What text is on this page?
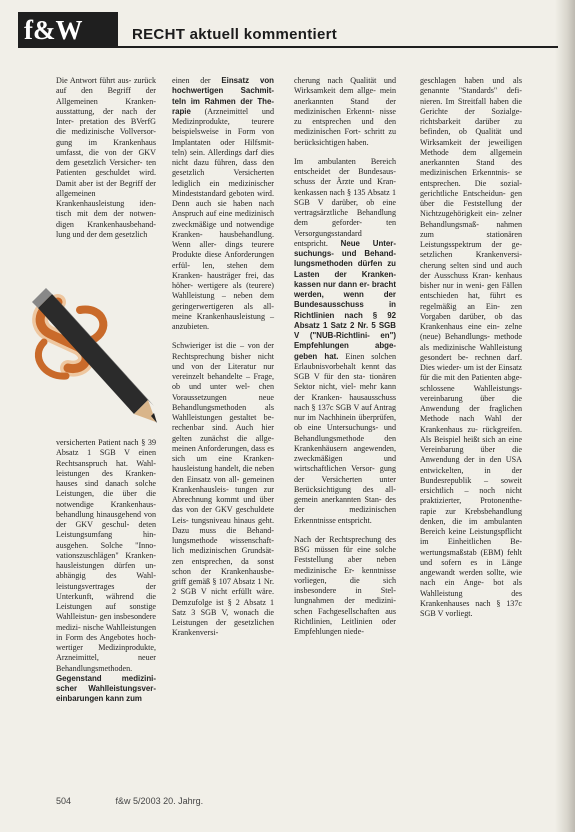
f&W	RECHT aktuell kommentiert

Die Antwort führt aus- zurück auf den Begriff der Allgemeinen Kranken- ausstattung, der nach der Inter- pretation des BVerfG die medizinische Vollversor- gung im Krankenhaus umfasst, die von der GKV dem gesetzlich Versicher- ten Patienten geschuldet wird. Damit aber ist der Begriff der allgemeinen Krankenhausleistung iden- tisch mit dem der notwen- digen Krankenhausbehand- lung und der dem gesetzlich

versicherten Patient nach § 39 Absatz 1 SGB V einen Rechtsanspruch hat. Wahl- leistungen des Kranken- hauses sind danach solche Leistungen, die über die notwendige Krankenhaus- behandlung hinausgehend von der GKV geschul- deten Leistungsumfang hin- ausgehen. Solche "Inno- vationszuschlägen" Kranken- hausleistungen dürfen un- abhängig des Wahl- leistungsvertrages der Unterkunft, während die Leistungen auf sonstige Wahlleistun- gen insbesondere medizi- nische Wahlleistungen in Form des Angebotes hoch- wertiger Medizinprodukte, Arzneimittel, neuer Behandlungsmethoden.

Gegenstand medizini- scher Wahlleistungsver- einbarungen kann zum

einen der Einsatz von hochwertigen Sachmit- teln im Rahmen der The- rapie (Arzneimittel und Medizinprodukte, teurere beispielsweise in Form von Implantaten oder Hilfsmit- teln) sein. Allerdings darf dies nicht dazu führen, dass den gesetzlich Versicherten lediglich ein medizinischer Mindeststandard geboten wird. Denn auch sie haben nach Anspruch auf eine medizinisch zweckmäßige und notwendige Kranken- hausbehandlung. Wenn aller- dings teurere Produkte diese Anforderungen erfül- len, stehen dem Kranken- hausträger frei, das höher- wertigere als (teurere) Wahlleistung – neben dem geringerwertigeren als all- meine Krankenhausleistung – anzubieten.

Schwieriger ist die – von der Rechtsprechung bisher nicht und von der Literatur nur vereinzelt behandelte – Frage, ob und unter wel- chen Voraussetzungen neue Behandlungsmethoden als Wahlleistungen gestaltet be- rechenbar sind. Auch hier gelten zunächst die allge- meinen Anforderungen, dass es sich um eine Kranken- hausleistung handelt, die neben den Einsatz von all- gemeinen Krankenhausleis- tungen zur Abrechnung kommt und über das von der GKV geschuldete Leis- tungsniveau hinaus geht. Dazu muss die Behand- lungsmethode wissenschaft- lich medizinischen Grundsät- zen entsprechen, da sonst schon der Krankenhausbe- griff gemäß § 107 Absatz 1 Nr. 2 SGB V nicht erfüllt wäre. Demzufolge ist § 2 Absatz 1 Satz 3 SGB V, wonach die Leistungen der gesetzlichen Krankenversi-

cherung nach Qualität und Wirksamkeit dem allge- mein anerkannten Stand der medizinischen Erkennt- nisse zu entsprechen und den medizinischen Fort- schritt zu berücksichtigen haben.

Im ambulanten Bereich entscheidet der Bundesaus- schuss der Ärzte und Kran- kenkassen nach § 135 Absatz 1 SGB V darüber, ob eine vertragsärztliche Behandlung dem geforder- ten Versorgungsstandard entspricht. Neue Unter- suchungs- und Behand- lungsmethoden dürfen zu Lasten der Kranken- kassen nur dann er- bracht werden, wenn der Bundesausschuss in Richtlinien nach § 92 Absatz 1 Satz 2 Nr. 5 SGB V ("NUB-Richtlini- en") Empfehlungen abge- geben hat. Einen solchen Erlaubnisvorbehalt kennt das SGB V für den sta- tionären Sektor nicht, viel- mehr kann der Kranken- hausausschuss nach § 137c SGB V auf Antrag nur im Nachhinein überprüfen, ob eine Untersuchungs- und Behandlungsmethode den Krankenhäusern angewenden, zweckmäßigen und wirtschaftlichen Versor- gung der Versicherten unter Berücksichtigung des all- gemein anerkannten Stan- des der medizinischen Erkenntnisse entspricht.

Nach der Rechtsprechung des BSG müssen für eine solche Feststellung aber neben medizinische Er- kenntnisse vorliegen, die sich insbesondere in Stel- lungnahmen der medizini- schen Fachgesellschaften aus Richtlinien, Leitlinien oder Empfehlungen niede-

geschlagen haben und als genannte "Standards" defi- nieren. Im Streitfall haben die Gerichte der Sozialge- richtsbarkeit darüber zu befinden, ob Qualität und Wirksamkeit der jeweiligen Methode dem allgemein anerkannten Stand des medizinischen Erkenntnis- se entsprechen. Die sozial- gerichtliche Entscheidun- gen über die Feststellung der Nichtzugehörigkeit ein- zelner Behandlungsmaß- nahmen zum stationären Leistungsspektrum der ge- setzlichen Krankenversi- cherung selten sind und auch der Ausschuss Kran- kenhaus bisher nur in weni- gen Fällen entschieden hat, führt es regelmäßig an Ein- zen Vorgaben darüber, ob das Krankenhaus eine ein- zelne (neue) Behandlungs- methode als medizinische Wahlleistung gesondert be- rechnen darf. Dies wieder- um ist der Einsatz für die mit den Patienten abge- schlossene Wahlleistungs- vereinbarung über die Anwendung der fraglichen Methode nach Wahl der Krankenhaus zu- rückgreifen. Als Beispiel heißt sich an eine Vereinbarung über die Anwendung der in den USA entwickelten, in der Bundesrepublik – soweit ersichtlich – noch nicht praktizierter, Protonenthe- rapie zur Krebsbehandlung denken, die im ambulanten Bereich keine Leistungspflicht im Einheitlichen Be- wertungsmaßstab (EBM) fehlt und sofern es in Länge angewandt werden sollte, wie nach ein Ange- bot als Wahlleistung des Krankenhauses nach § 137c SGB V vorliegt.

504	f&w 5/2003 20. Jahrg.
